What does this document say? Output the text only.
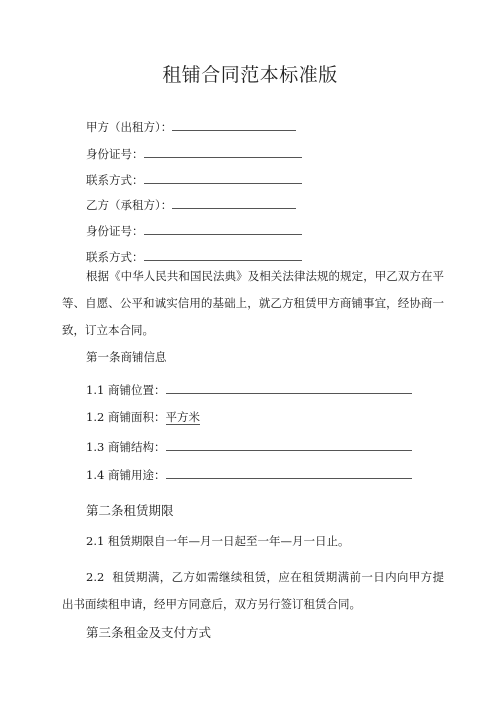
租铺合同范本标准版
甲方（出租方）：
身份证号：
联系方式：
乙方（承租方）：
身份证号：
联系方式：
根据《中华人民共和国民法典》及相关法律法规的规定，甲乙双方在平等、自愿、公平和诚实信用的基础上，就乙方租赁甲方商铺事宜，经协商一致，订立本合同。
第一条商铺信息
1.1 商铺位置：
1.2 商铺面积：平方米
1.3 商铺结构：
1.4 商铺用途：
第二条租赁期限
2.1 租赁期限自一年—月一日起至一年—月一日止。
2.2 租赁期满，乙方如需继续租赁，应在租赁期满前一日内向甲方提出书面续租申请，经甲方同意后，双方另行签订租赁合同。
第三条租金及支付方式
